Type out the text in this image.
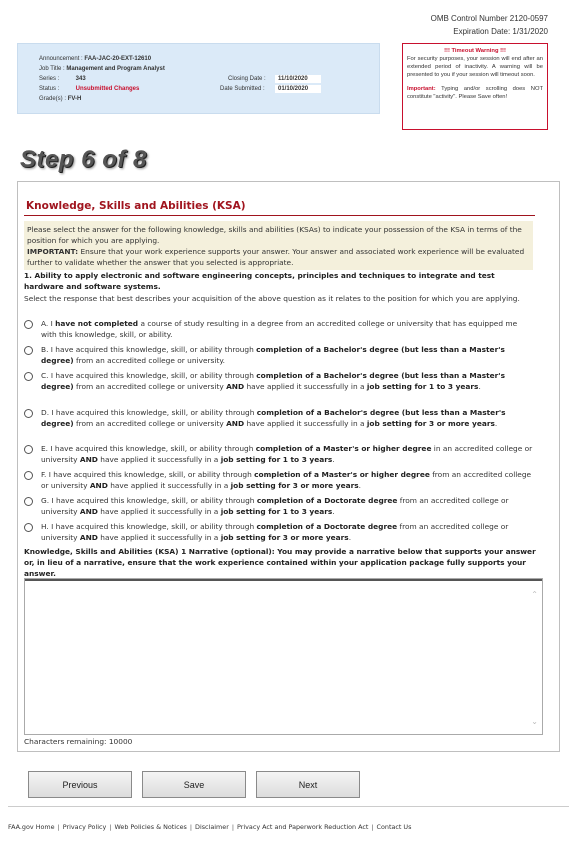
OMB Control Number 2120-0597
Expiration Date: 1/31/2020
Announcement : FAA-JAC-20-EXT-12610
Job Title : Management and Program Analyst
Series :	343
Status :	Unsubmitted Changes
Grade(s) : FV-H
Closing Date :	11/10/2020
Date Submitted :	01/10/2020
!!! Timeout Warning !!!
For security purposes, your session will end after an extended period of inactivity. A warning will be presented to you if your session will timeout soon.
Important: Typing and/or scrolling does NOT constitute "activity". Please Save often!
Step 6 of 8
Knowledge, Skills and Abilities (KSA)
Please select the answer for the following knowledge, skills and abilities (KSAs) to indicate your possession of the KSA in terms of the position for which you are applying.
IMPORTANT: Ensure that your work experience supports your answer. Your answer and associated work experience will be evaluated further to validate whether the answer that you selected is appropriate.
1. Ability to apply electronic and software engineering concepts, principles and techniques to integrate and test hardware and software systems.
Select the response that best describes your acquisition of the above question as it relates to the position for which you are applying.
A. I have not completed a course of study resulting in a degree from an accredited college or university that has equipped me with this knowledge, skill, or ability.
B. I have acquired this knowledge, skill, or ability through completion of a Bachelor's degree (but less than a Master's degree) from an accredited college or university.
C. I have acquired this knowledge, skill, or ability through completion of a Bachelor's degree (but less than a Master's degree) from an accredited college or university AND have applied it successfully in a job setting for 1 to 3 years.
D. I have acquired this knowledge, skill, or ability through completion of a Bachelor's degree (but less than a Master's degree) from an accredited college or university AND have applied it successfully in a job setting for 3 or more years.
E. I have acquired this knowledge, skill, or ability through completion of a Master's or higher degree in an accredited college or university AND have applied it successfully in a job setting for 1 to 3 years.
F. I have acquired this knowledge, skill, or ability through completion of a Master's or higher degree from an accredited college or university AND have applied it successfully in a job setting for 3 or more years.
G. I have acquired this knowledge, skill, or ability through completion of a Doctorate degree from an accredited college or university AND have applied it successfully in a job setting for 1 to 3 years.
H. I have acquired this knowledge, skill, or ability through completion of a Doctorate degree from an accredited college or university AND have applied it successfully in a job setting for 3 or more years.
Knowledge, Skills and Abilities (KSA) 1 Narrative (optional): You may provide a narrative below that supports your answer or, in lieu of a narrative, ensure that the work experience contained within your application package fully supports your answer.
⌃
⌄
Characters remaining: 10000
Previous	Save	Next
FAA.gov Home | Privacy Policy | Web Policies & Notices | Disclaimer | Privacy Act and Paperwork Reduction Act | Contact Us
